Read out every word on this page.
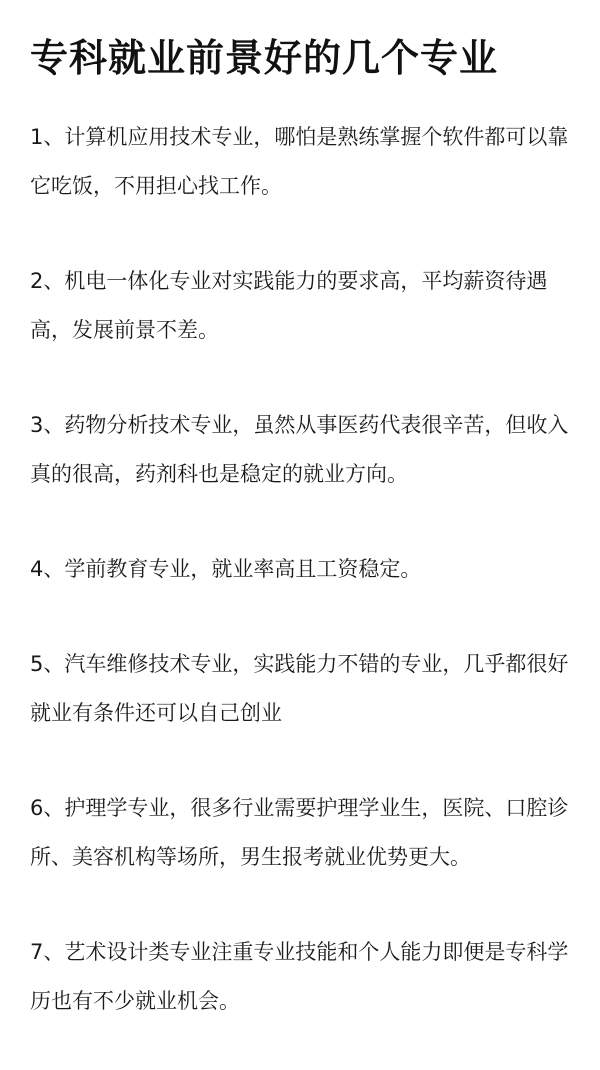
专科就业前景好的几个专业
1、计算机应用技术专业，哪怕是熟练掌握个软件都可以靠它吃饭，不用担心找工作。
2、机电一体化专业对实践能力的要求高，平均薪资待遇高，发展前景不差。
3、药物分析技术专业，虽然从事医药代表很辛苦，但收入真的很高，药剂科也是稳定的就业方向。
4、学前教育专业，就业率高且工资稳定。
5、汽车维修技术专业，实践能力不错的专业，几乎都很好就业有条件还可以自己创业
6、护理学专业，很多行业需要护理学业生，医院、口腔诊所、美容机构等场所，男生报考就业优势更大。
7、艺术设计类专业注重专业技能和个人能力即便是专科学历也有不少就业机会。
